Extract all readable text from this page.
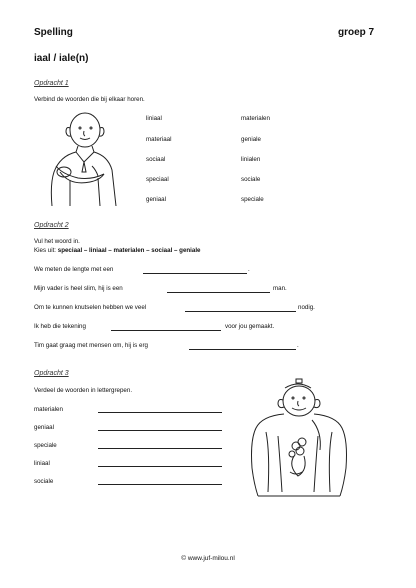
Spelling	groep 7
iaal / iale(n)
Opdracht 1
Verbind de woorden die bij elkaar horen.
liniaal
materiaal
sociaal
speciaal
geniaal
materialen
geniale
linialen
sociale
speciale
Opdracht 2
Vul het woord in.
Kies uit: speciaal – liniaal – materialen – sociaal – geniale
We meten de lengte met een	.
Mijn vader is heel slim, hij is een	man.
Om te kunnen knutselen hebben we veel	nodig.
Ik heb die tekening	voor jou gemaakt.
Tim gaat graag met mensen om, hij is erg	.
Opdracht 3
Verdeel de woorden in lettergrepen.
materialen
geniaal
speciale
liniaal
sociale
© www.juf-milou.nl
